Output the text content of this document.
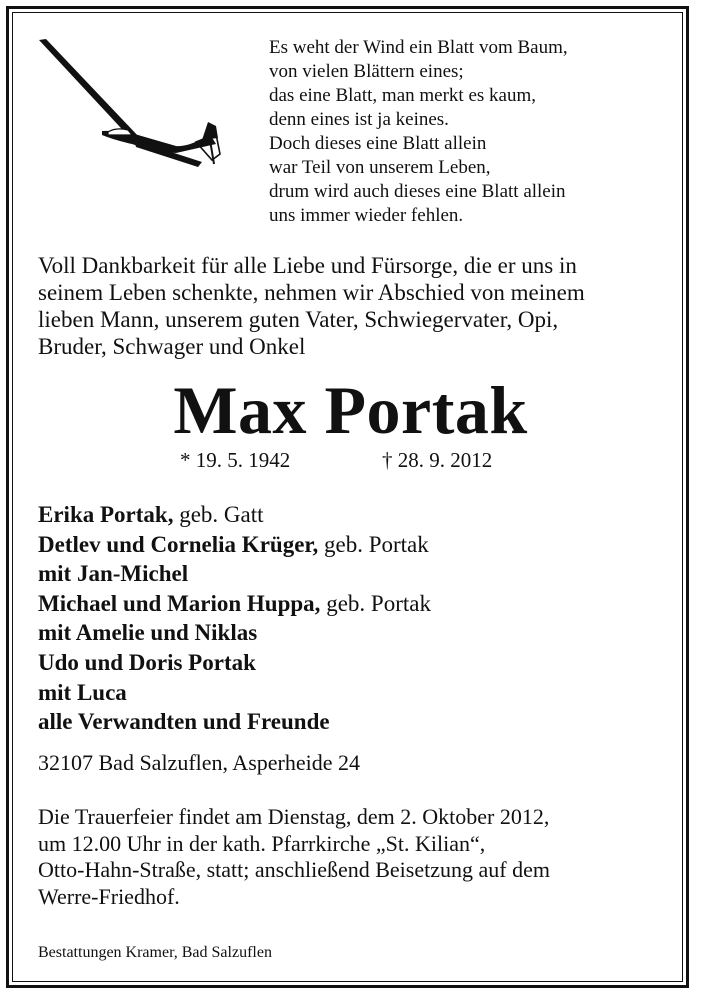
Es weht der Wind ein Blatt vom Baum,
von vielen Blättern eines;
das eine Blatt, man merkt es kaum,
denn eines ist ja keines.
Doch dieses eine Blatt allein
war Teil von unserem Leben,
drum wird auch dieses eine Blatt allein
uns immer wieder fehlen.
Voll Dankbarkeit für alle Liebe und Fürsorge, die er uns in
seinem Leben schenkte, nehmen wir Abschied von meinem
lieben Mann, unserem guten Vater, Schwiegervater, Opi,
Bruder, Schwager und Onkel
Max Portak
* 19. 5. 1942	† 28. 9. 2012
Erika Portak, geb. Gatt
Detlev und Cornelia Krüger, geb. Portak
mit Jan-Michel
Michael und Marion Huppa, geb. Portak
mit Amelie und Niklas
Udo und Doris Portak
mit Luca
alle Verwandten und Freunde
32107 Bad Salzuflen, Asperheide 24
Die Trauerfeier findet am Dienstag, dem 2. Oktober 2012,
um 12.00 Uhr in der kath. Pfarrkirche „St. Kilian“,
Otto-Hahn-Straße, statt; anschließend Beisetzung auf dem
Werre-Friedhof.
Bestattungen Kramer, Bad Salzuflen
